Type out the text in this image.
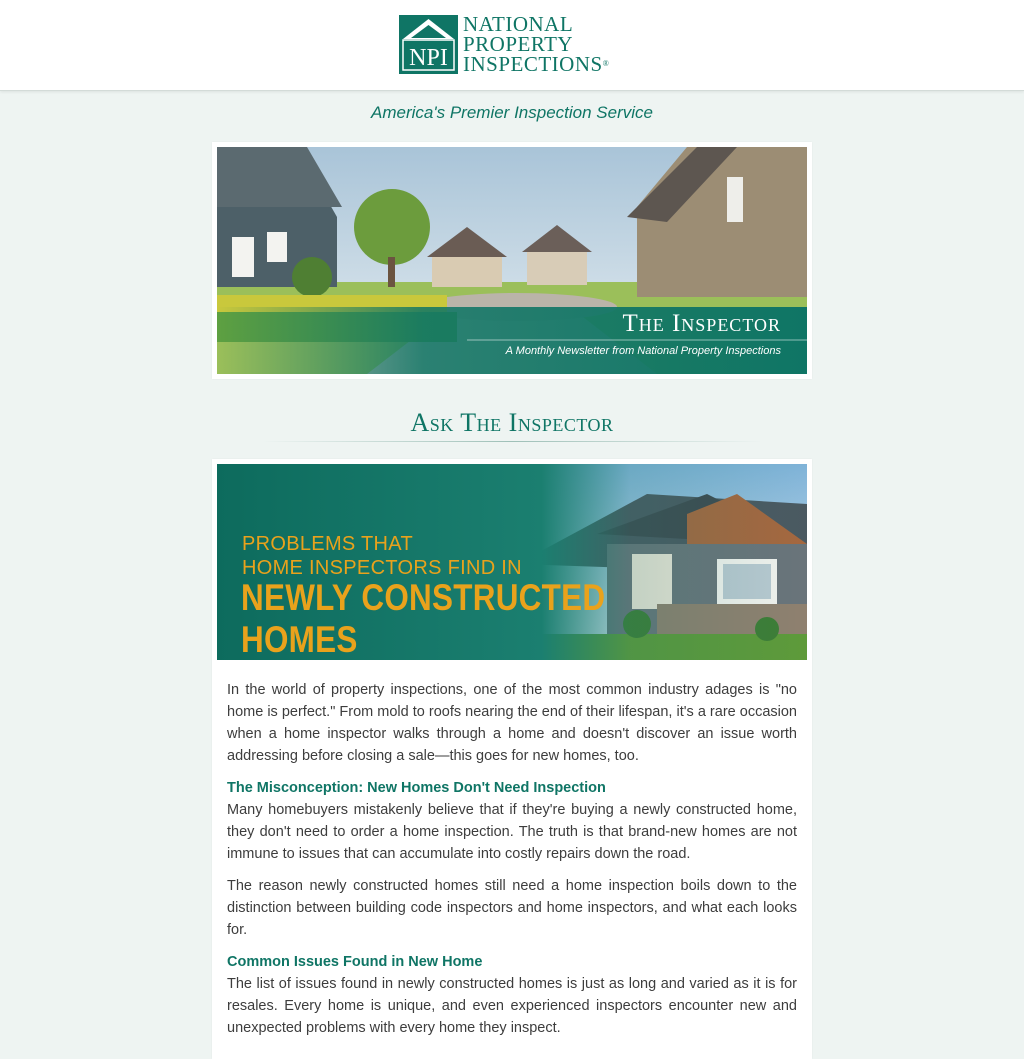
NPI
NATIONAL
PROPERTY
INSPECTIONS®
America's Premier Inspection Service
The Inspector
A Monthly Newsletter from National Property Inspections
Ask The Inspector
PROBLEMS THAT
HOME INSPECTORS FIND IN
NEWLY CONSTRUCTED HOMES

In the world of property inspections, one of the most common industry adages is "no home is perfect." From mold to roofs nearing the end of their lifespan, it's a rare occasion when a home inspector walks through a home and doesn't discover an issue worth addressing before closing a sale—this goes for new homes, too.

The Misconception: New Homes Don't Need Inspection

Many homebuyers mistakenly believe that if they're buying a newly constructed home, they don't need to order a home inspection. The truth is that brand-new homes are not immune to issues that can accumulate into costly repairs down the road.

The reason newly constructed homes still need a home inspection boils down to the distinction between building code inspectors and home inspectors, and what each looks for.

Common Issues Found in New Home

The list of issues found in newly constructed homes is just as long and varied as it is for resales. Every home is unique, and even experienced inspectors encounter new and unexpected problems with every home they inspect.
